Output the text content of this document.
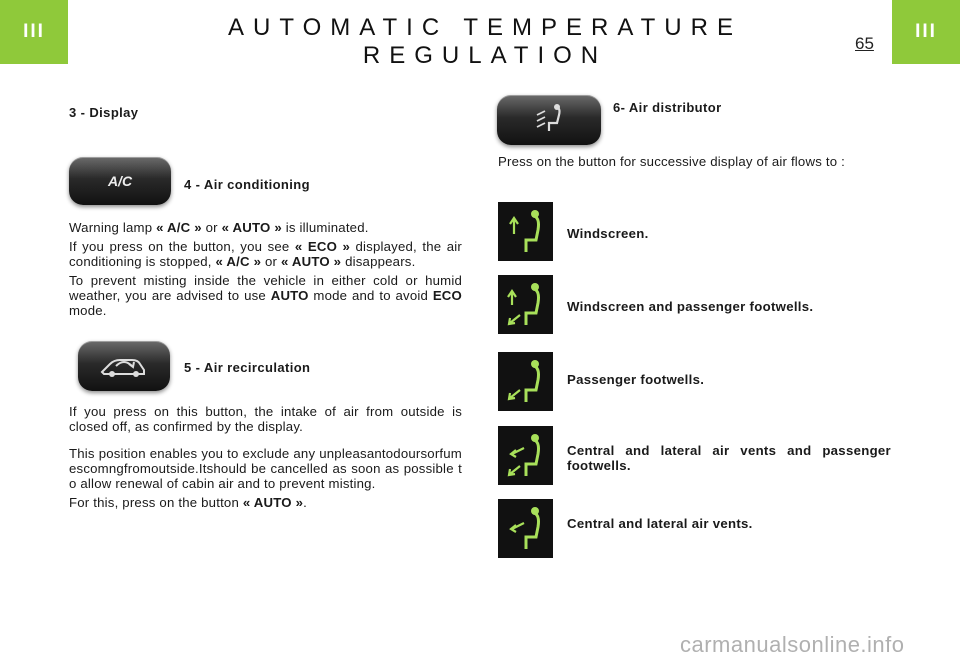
III	III
AUTOMATIC TEMPERATURE
REGULATION	65
3 - Display
A/C	4 - Air conditioning

Warning lamp « A/C » or « AUTO » is illuminated.

If you press on the button, you see « ECO » displayed, the air conditioning is stopped, « A/C » or « AUTO » disappears.

To prevent misting inside the vehicle in either cold or humid weather, you are advised to use AUTO mode and to avoid ECO mode.

5 - Air recirculation

If you press on this button, the intake of air from outside is closed off, as confirmed by the display.

This position enables you to exclude any unpleasantodoursorfumescomngfromoutside.Itshould be cancelled as soon as possible to allow renewal of cabin air and to prevent misting.

For this, press on the button « AUTO ».

6- Air distributor
Press on the button for successive display of air flows to :
Windscreen.
Windscreen and passenger footwells.
Passenger footwells.
Central and lateral air vents and passenger footwells.
Central and lateral air vents.
carmanualsonline.info
